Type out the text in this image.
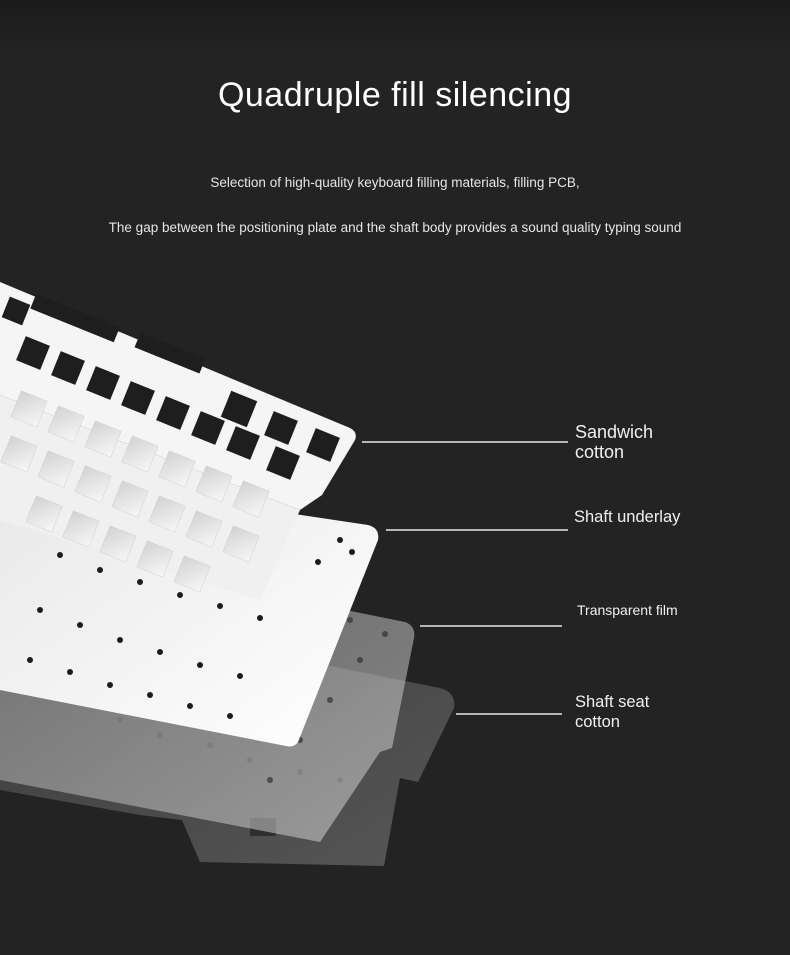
Quadruple fill silencing
Selection of high-quality keyboard filling materials, filling PCB,
The gap between the positioning plate and the shaft body provides a sound quality typing sound
Sandwich cotton
Shaft underlay
Transparent film
Shaft seat cotton
